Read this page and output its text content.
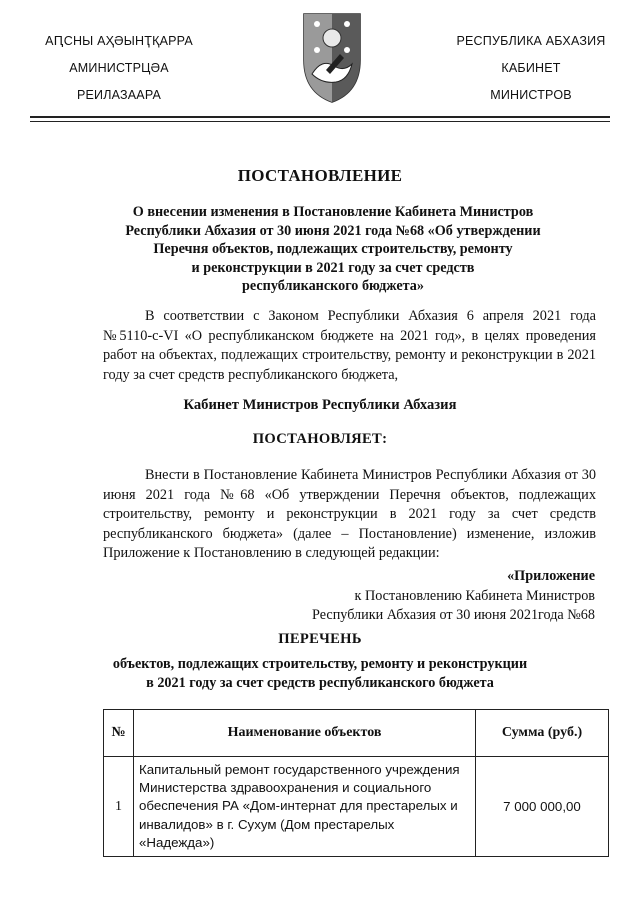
АԤСНЫ АҲӘЫНҬҚАРРА
АМИНИСТРЦӘА
РЕИЛАЗААРА
РЕСПУБЛИКА АБХАЗИЯ
КАБИНЕТ
МИНИСТРОВ
ПОСТАНОВЛЕНИЕ
О внесении изменения в Постановление Кабинета Министров
Республики Абхазия от 30 июня 2021 года №68 «Об утверждении
Перечня объектов, подлежащих строительству, ремонту
и реконструкции в 2021 году за счет средств
республиканского бюджета»
В соответствии с Законом Республики Абхазия 6 апреля 2021 года №5110-с-VI «О республиканском бюджете на 2021 год», в целях проведения работ на объектах, подлежащих строительству, ремонту и реконструкции в 2021 году за счет средств республиканского бюджета,
Кабинет Министров Республики Абхазия
ПОСТАНОВЛЯЕТ:
Внести в Постановление Кабинета Министров Республики Абхазия от 30 июня 2021 года №68 «Об утверждении Перечня объектов, подлежащих строительству, ремонту и реконструкции в 2021 году за счет средств республиканского бюджета» (далее – Постановление) изменение, изложив Приложение к Постановлению в следующей редакции:
«Приложение
к Постановлению Кабинета Министров
Республики Абхазия от 30 июня 2021года №68
ПЕРЕЧЕНЬ
объектов, подлежащих строительству, ремонту и реконструкции
в 2021 году за счет средств республиканского бюджета
№	Наименование объектов	Сумма (руб.)
1	Капитальный ремонт государственного учреждения Министерства здравоохранения и социального обеспечения РА «Дом-интернат для престарелых и инвалидов» в г. Сухум (Дом престарелых «Надежда»)	7 000 000,00
